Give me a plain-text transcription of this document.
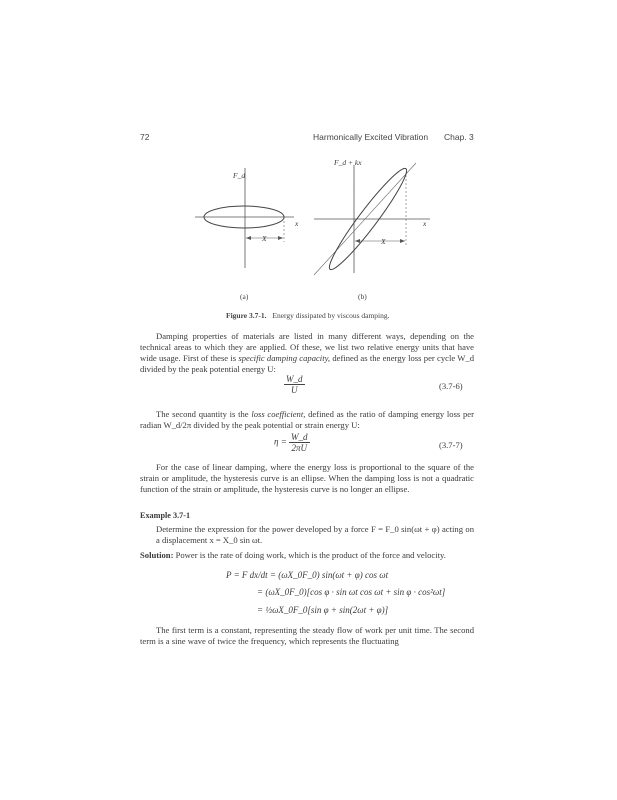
72	Harmonically Excited Vibration Chap. 3
F_d
x
X
(a)
F_d + kx
x
X
(b)
Figure 3.7-1. Energy dissipated by viscous damping.
Damping properties of materials are listed in many different ways, depending on the technical areas to which they are applied. Of these, we list two relative energy units that have wide usage. First of these is specific damping capacity, defined as the energy loss per cycle W_d divided by the peak potential energy U:
$\frac{W\_d}{U}$	(3.7-6)
The second quantity is the loss coefficient, defined as the ratio of damping energy loss per radian W_d/2π divided by the peak potential or strain energy U:
$\eta = \frac{W\_d}{2\pi U}$	(3.7-7)
For the case of linear damping, where the energy loss is proportional to the square of the strain or amplitude, the hysteresis curve is an ellipse. When the damping loss is not a quadratic function of the strain or amplitude, the hysteresis curve is no longer an ellipse.
Example 3.7-1
Determine the expression for the power developed by a force F = F_0 sin(ωt + φ) acting on a displacement x = X_0 sin ωt.
Solution: Power is the rate of doing work, which is the product of the force and velocity.
P = F dx/dt = (ωX_0F_0) sin(ωt + φ) cos ωt
= (ωX_0F_0)[cos φ · sin ωt cos ωt + sin φ · cos²ωt]
= ½ωX_0F_0[sin φ + sin(2ωt + φ)]
The first term is a constant, representing the steady flow of work per unit time. The second term is a sine wave of twice the frequency, which represents the fluctuating
